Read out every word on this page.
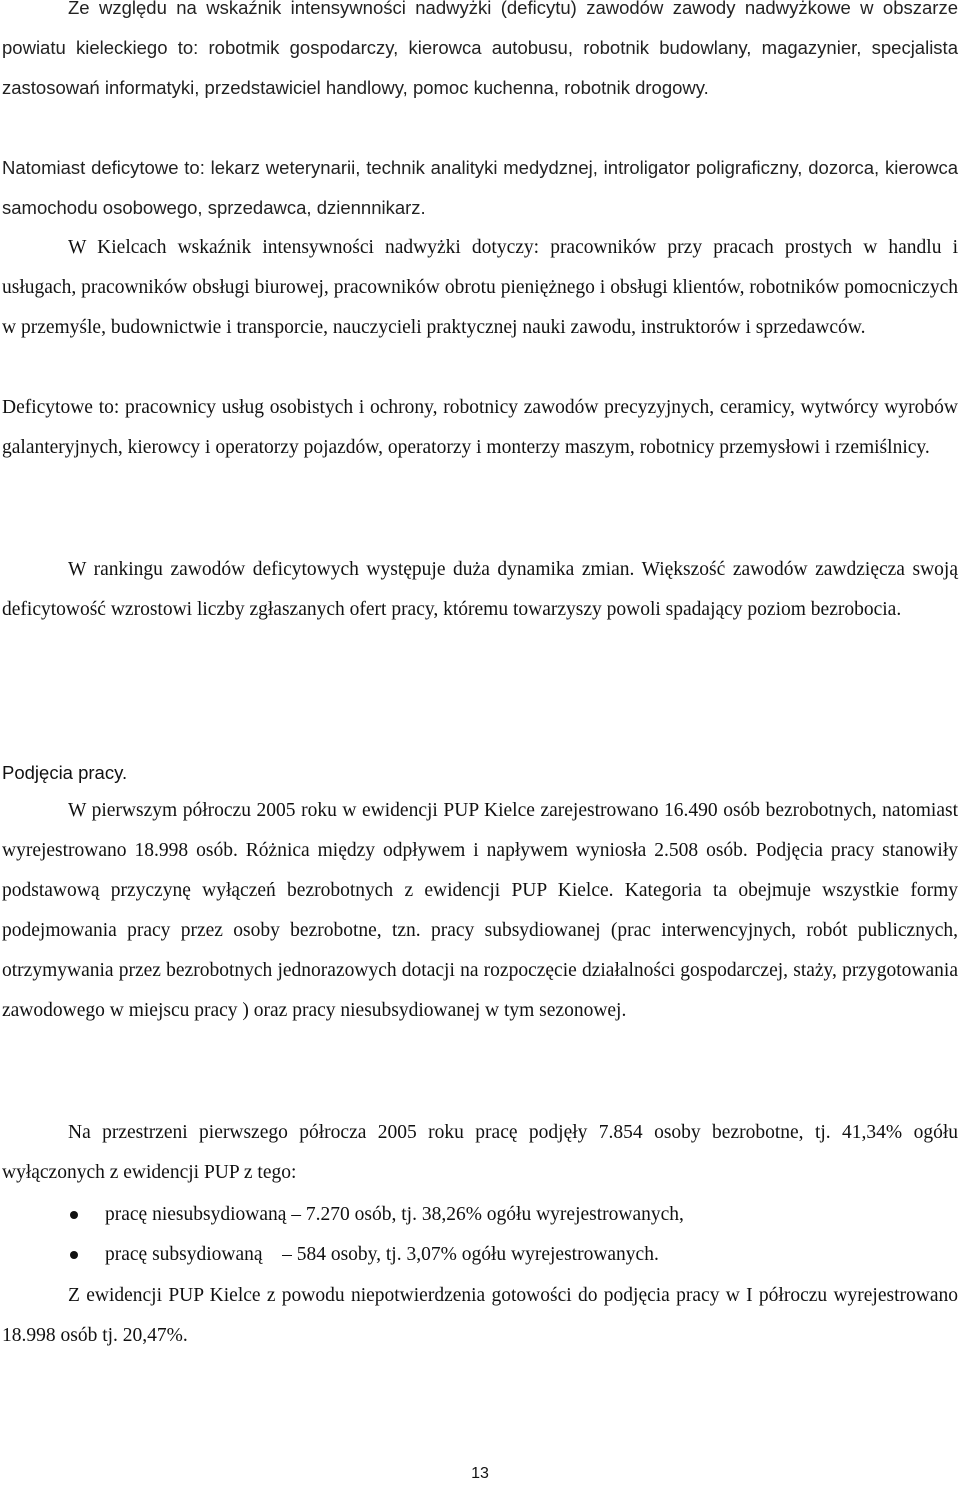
Ze względu na wskaźnik intensywności nadwyżki (deficytu) zawodów zawody nadwyżkowe w obszarze powiatu kieleckiego to: robotmik gospodarczy, kierowca autobusu, robotnik budowlany, magazynier, specjalista zastosowań informatyki, przedstawiciel handlowy, pomoc kuchenna, robotnik drogowy.

Natomiast deficytowe to: lekarz weterynarii, technik analityki medydznej, introligator poligraficzny, dozorca, kierowca samochodu osobowego, sprzedawca, dziennnikarz.

W Kielcach wskaźnik intensywności nadwyżki dotyczy: pracowników przy pracach prostych w handlu i usługach, pracowników obsługi biurowej, pracowników obrotu pieniężnego i obsługi klientów, robotników pomocniczych w przemyśle, budownictwie i transporcie, nauczycieli praktycznej nauki zawodu, instruktorów i sprzedawców.

Deficytowe to: pracownicy usług osobistych i ochrony, robotnicy zawodów precyzyjnych, ceramicy, wytwórcy wyrobów galanteryjnych, kierowcy i operatorzy pojazdów, operatorzy i monterzy maszym, robotnicy przemysłowi i rzemiślnicy.

W rankingu zawodów deficytowych występuje duża dynamika zmian. Większość zawodów zawdzięcza swoją deficytowość wzrostowi liczby zgłaszanych ofert pracy, któremu towarzyszy powoli spadający poziom bezrobocia.

Podjęcia pracy.

W pierwszym półroczu 2005 roku w ewidencji PUP Kielce zarejestrowano 16.490 osób bezrobotnych, natomiast wyrejestrowano 18.998 osób. Różnica między odpływem i napływem wyniosła 2.508 osób. Podjęcia pracy stanowiły podstawową przyczynę wyłączeń bezrobotnych z ewidencji PUP Kielce. Kategoria ta obejmuje wszystkie formy podejmowania pracy przez osoby bezrobotne, tzn. pracy subsydiowanej (prac interwencyjnych, robót publicznych, otrzymywania przez bezrobotnych jednorazowych dotacji na rozpoczęcie działalności gospodarczej, staży, przygotowania zawodowego w miejscu pracy ) oraz pracy niesubsydiowanej w tym sezonowej.

Na przestrzeni pierwszego półrocza 2005 roku pracę podjęły 7.854 osoby bezrobotne, tj. 41,34% ogółu wyłączonych z ewidencji PUP z tego:

pracę niesubsydiowaną – 7.270 osób, tj. 38,26% ogółu wyrejestrowanych,
pracę subsydiowaną    – 584 osoby, tj. 3,07% ogółu wyrejestrowanych.

Z ewidencji PUP Kielce z powodu niepotwierdzenia gotowości do podjęcia pracy w I półroczu wyrejestrowano 18.998 osób tj. 20,47%.

13
